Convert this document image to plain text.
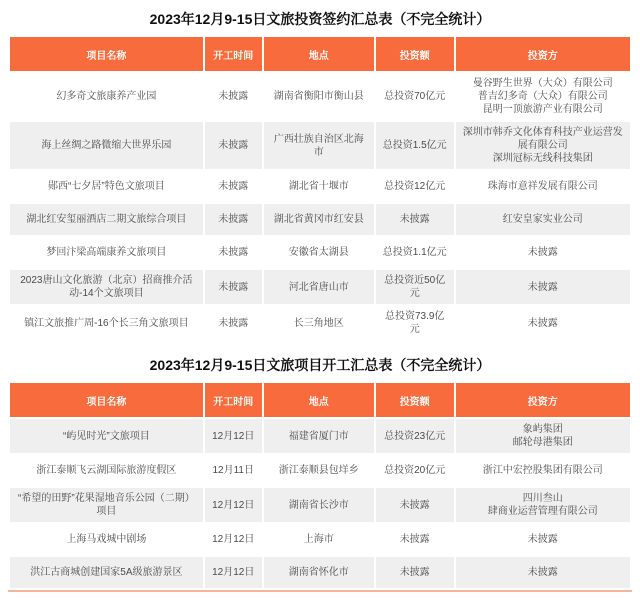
2023年12月9-15日文旅投资签约汇总表（不完全统计）
项目名称	开工时间	地点	投资额	投资方
幻多奇文旅康养产业园	未披露	湖南省衡阳市衡山县	总投资70亿元	曼谷野生世界（大众）有限公司
普吉幻多奇（大众）有限公司
昆明一顶旅游产业有限公司

海上丝绸之路微缩大世界乐园	未披露	广西壮族自治区北海市	总投资1.5亿元	深圳市韩乔文化体育科技产业运营发展有限公司
深圳冠标无线科技集团

郧西“七夕居”特色文旅项目	未披露	湖北省十堰市	总投资12亿元	珠海市意祥发展有限公司
湖北红安玺丽酒店二期文旅综合项目	未披露	湖北省黄冈市红安县	未披露	红安皇家实业公司
梦回汴梁高端康养文旅项目	未披露	安徽省太湖县	总投资1.1亿元	未披露
2023唐山文化旅游（北京）招商推介活动-14个文旅项目	未披露	河北省唐山市	总投资近50亿元	未披露
镇江文旅推广周-16个长三角文旅项目	未披露	长三角地区	总投资73.9亿元	未披露
2023年12月9-15日文旅项目开工汇总表（不完全统计）
项目名称	开工时间	地点	投资额	投资方
“屿见时光”文旅项目	12月12日	福建省厦门市	总投资23亿元	象屿集团
邮轮母港集团

浙江泰顺飞云湖国际旅游度假区	12月11日	浙江泰顺县包垟乡	总投资20亿元	浙江中宏控股集团有限公司
“希望的田野”花果湿地音乐公园（二期）项目	12月12日	湖南省长沙市	未披露	四川叁山
肆商业运营管理有限公司

上海马戏城中剧场	12月12日	上海市	未披露	未披露
洪江古商城创建国家5A级旅游景区	12月12日	湖南省怀化市	未披露	未披露
